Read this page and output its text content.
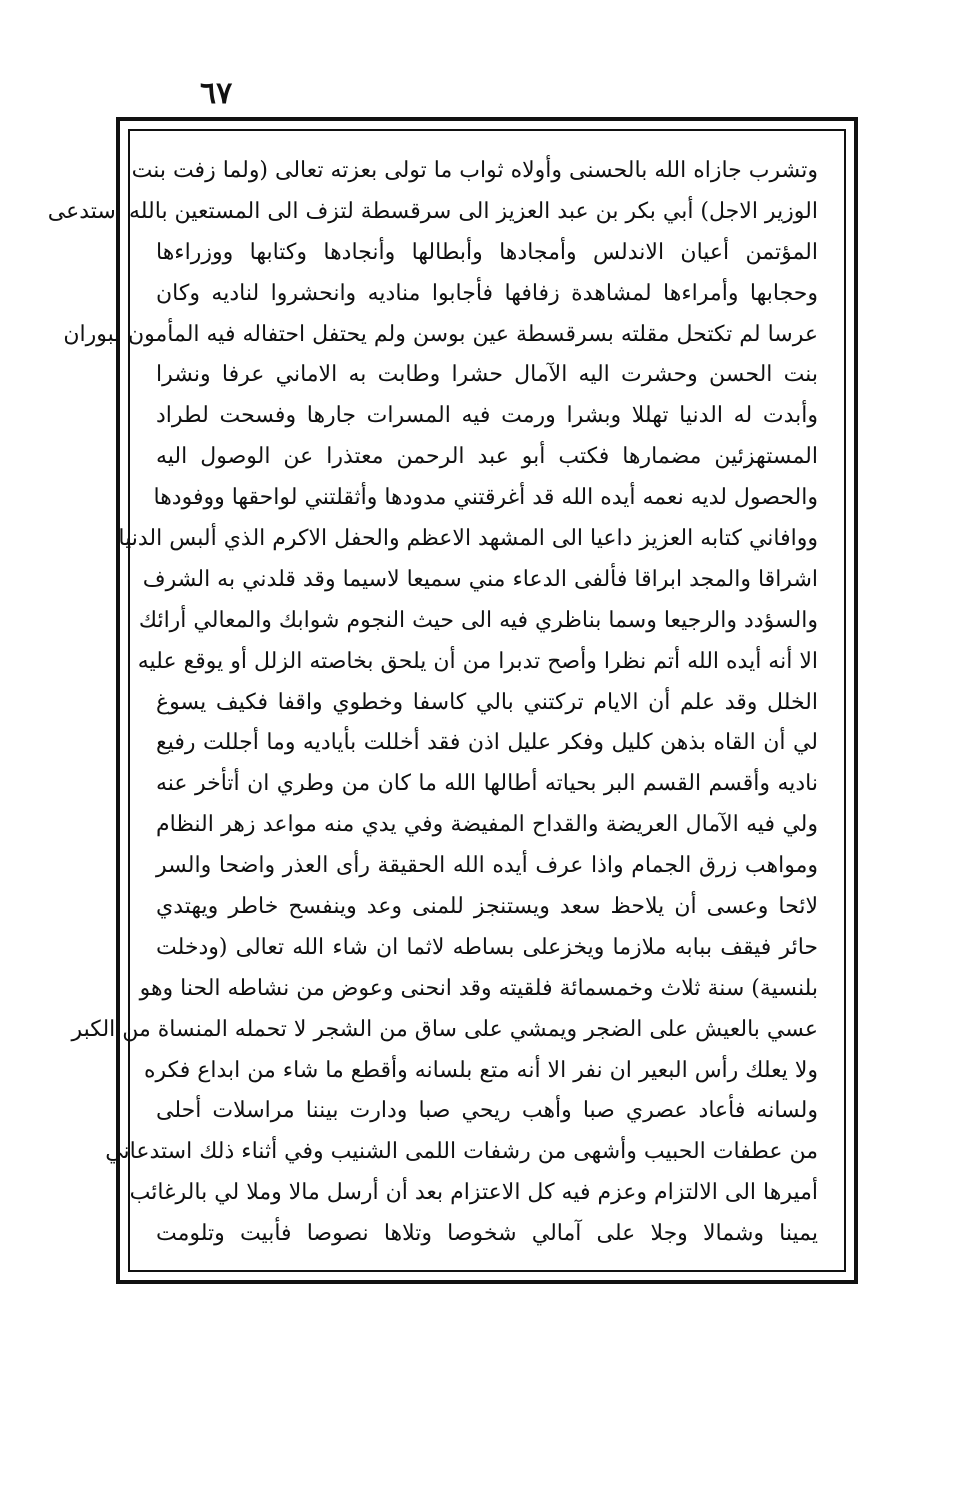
٦٧
وتشرب جازاه الله بالحسنى وأولاه ثواب ما تولى بعزته تعالى (ولما زفت بنت
الوزير الاجل) أبي بكر بن عبد العزيز الى سرقسطة لتزف الى المستعين بالله استدعى
المؤتمن أعيان الاندلس وأمجادها وأبطالها وأنجادها وكتابها ووزراءها
وحجابها وأمراءها لمشاهدة زفافها فأجابوا مناديه وانحشروا لناديه وكان
عرسا لم تكتحل مقلته بسرقسطة عين بوسن ولم يحتفل احتفاله فيه المأمون لبوران
بنت الحسن وحشرت اليه الآمال حشرا وطابت به الاماني عرفا ونشرا
وأبدت له الدنيا تهللا وبشرا ورمت فيه المسرات جارها وفسحت لطراد
المستهزئين مضمارها فكتب أبو عبد الرحمن معتذرا عن الوصول اليه
والحصول لديه نعمه أيده الله قد أغرقتني مدودها وأثقلتني لواحقها ووفودها
ووافاني كتابه العزيز داعيا الى المشهد الاعظم والحفل الاكرم الذي ألبس الدنيا
اشراقا والمجد ابراقا فألفى الدعاء مني سميعا لاسيما وقد قلدني به الشرف
والسؤدد والرجيعا وسما بناظري فيه الى حيث النجوم شوابك والمعالي أرائك
الا أنه أيده الله أتم نظرا وأصح تدبرا من أن يلحق بخاصته الزلل أو يوقع عليه
الخلل وقد علم أن الايام تركتني بالي كاسفا وخطوي واقفا فكيف يسوغ
لي أن القاه بذهن كليل وفكر عليل اذن فقد أخللت بأياديه وما أجللت رفيع
ناديه وأقسم القسم البر بحياته أطالها الله ما كان من وطري ان أتأخر عنه
ولي فيه الآمال العريضة والقداح المفيضة وفي يدي منه مواعد زهر النظام
ومواهب زرق الجمام واذا عرف أيده الله الحقيقة رأى العذر واضحا والسر
لائحا وعسى أن يلاحظ سعد ويستنجز للمنى وعد وينفسح خاطر ويهتدي
حائر فيقف ببابه ملازما ويخزعلى بساطه لاثما ان شاء الله تعالى (ودخلت
بلنسية) سنة ثلاث وخمسمائة فلقيته وقد انحنى وعوض من نشاطه الحنا وهو
عسي بالعيش على الضجر ويمشي على ساق من الشجر لا تحمله المنساة من الكبر
ولا يعلك رأس البعير ان نفر الا أنه متع بلسانه وأقطع ما شاء من ابداع فكره
ولسانه فأعاد عصري صبا وأهب ريحي صبا ودارت بيننا مراسلات أحلى
من عطفات الحبيب وأشهى من رشفات اللمى الشنيب وفي أثناء ذلك استدعاني
أميرها الى الالتزام وعزم فيه كل الاعتزام بعد أن أرسل مالا وملا لي بالرغائب
يمينا وشمالا وجلا على آمالي شخوصا وتلاها نصوصا فأبيت وتلومت
